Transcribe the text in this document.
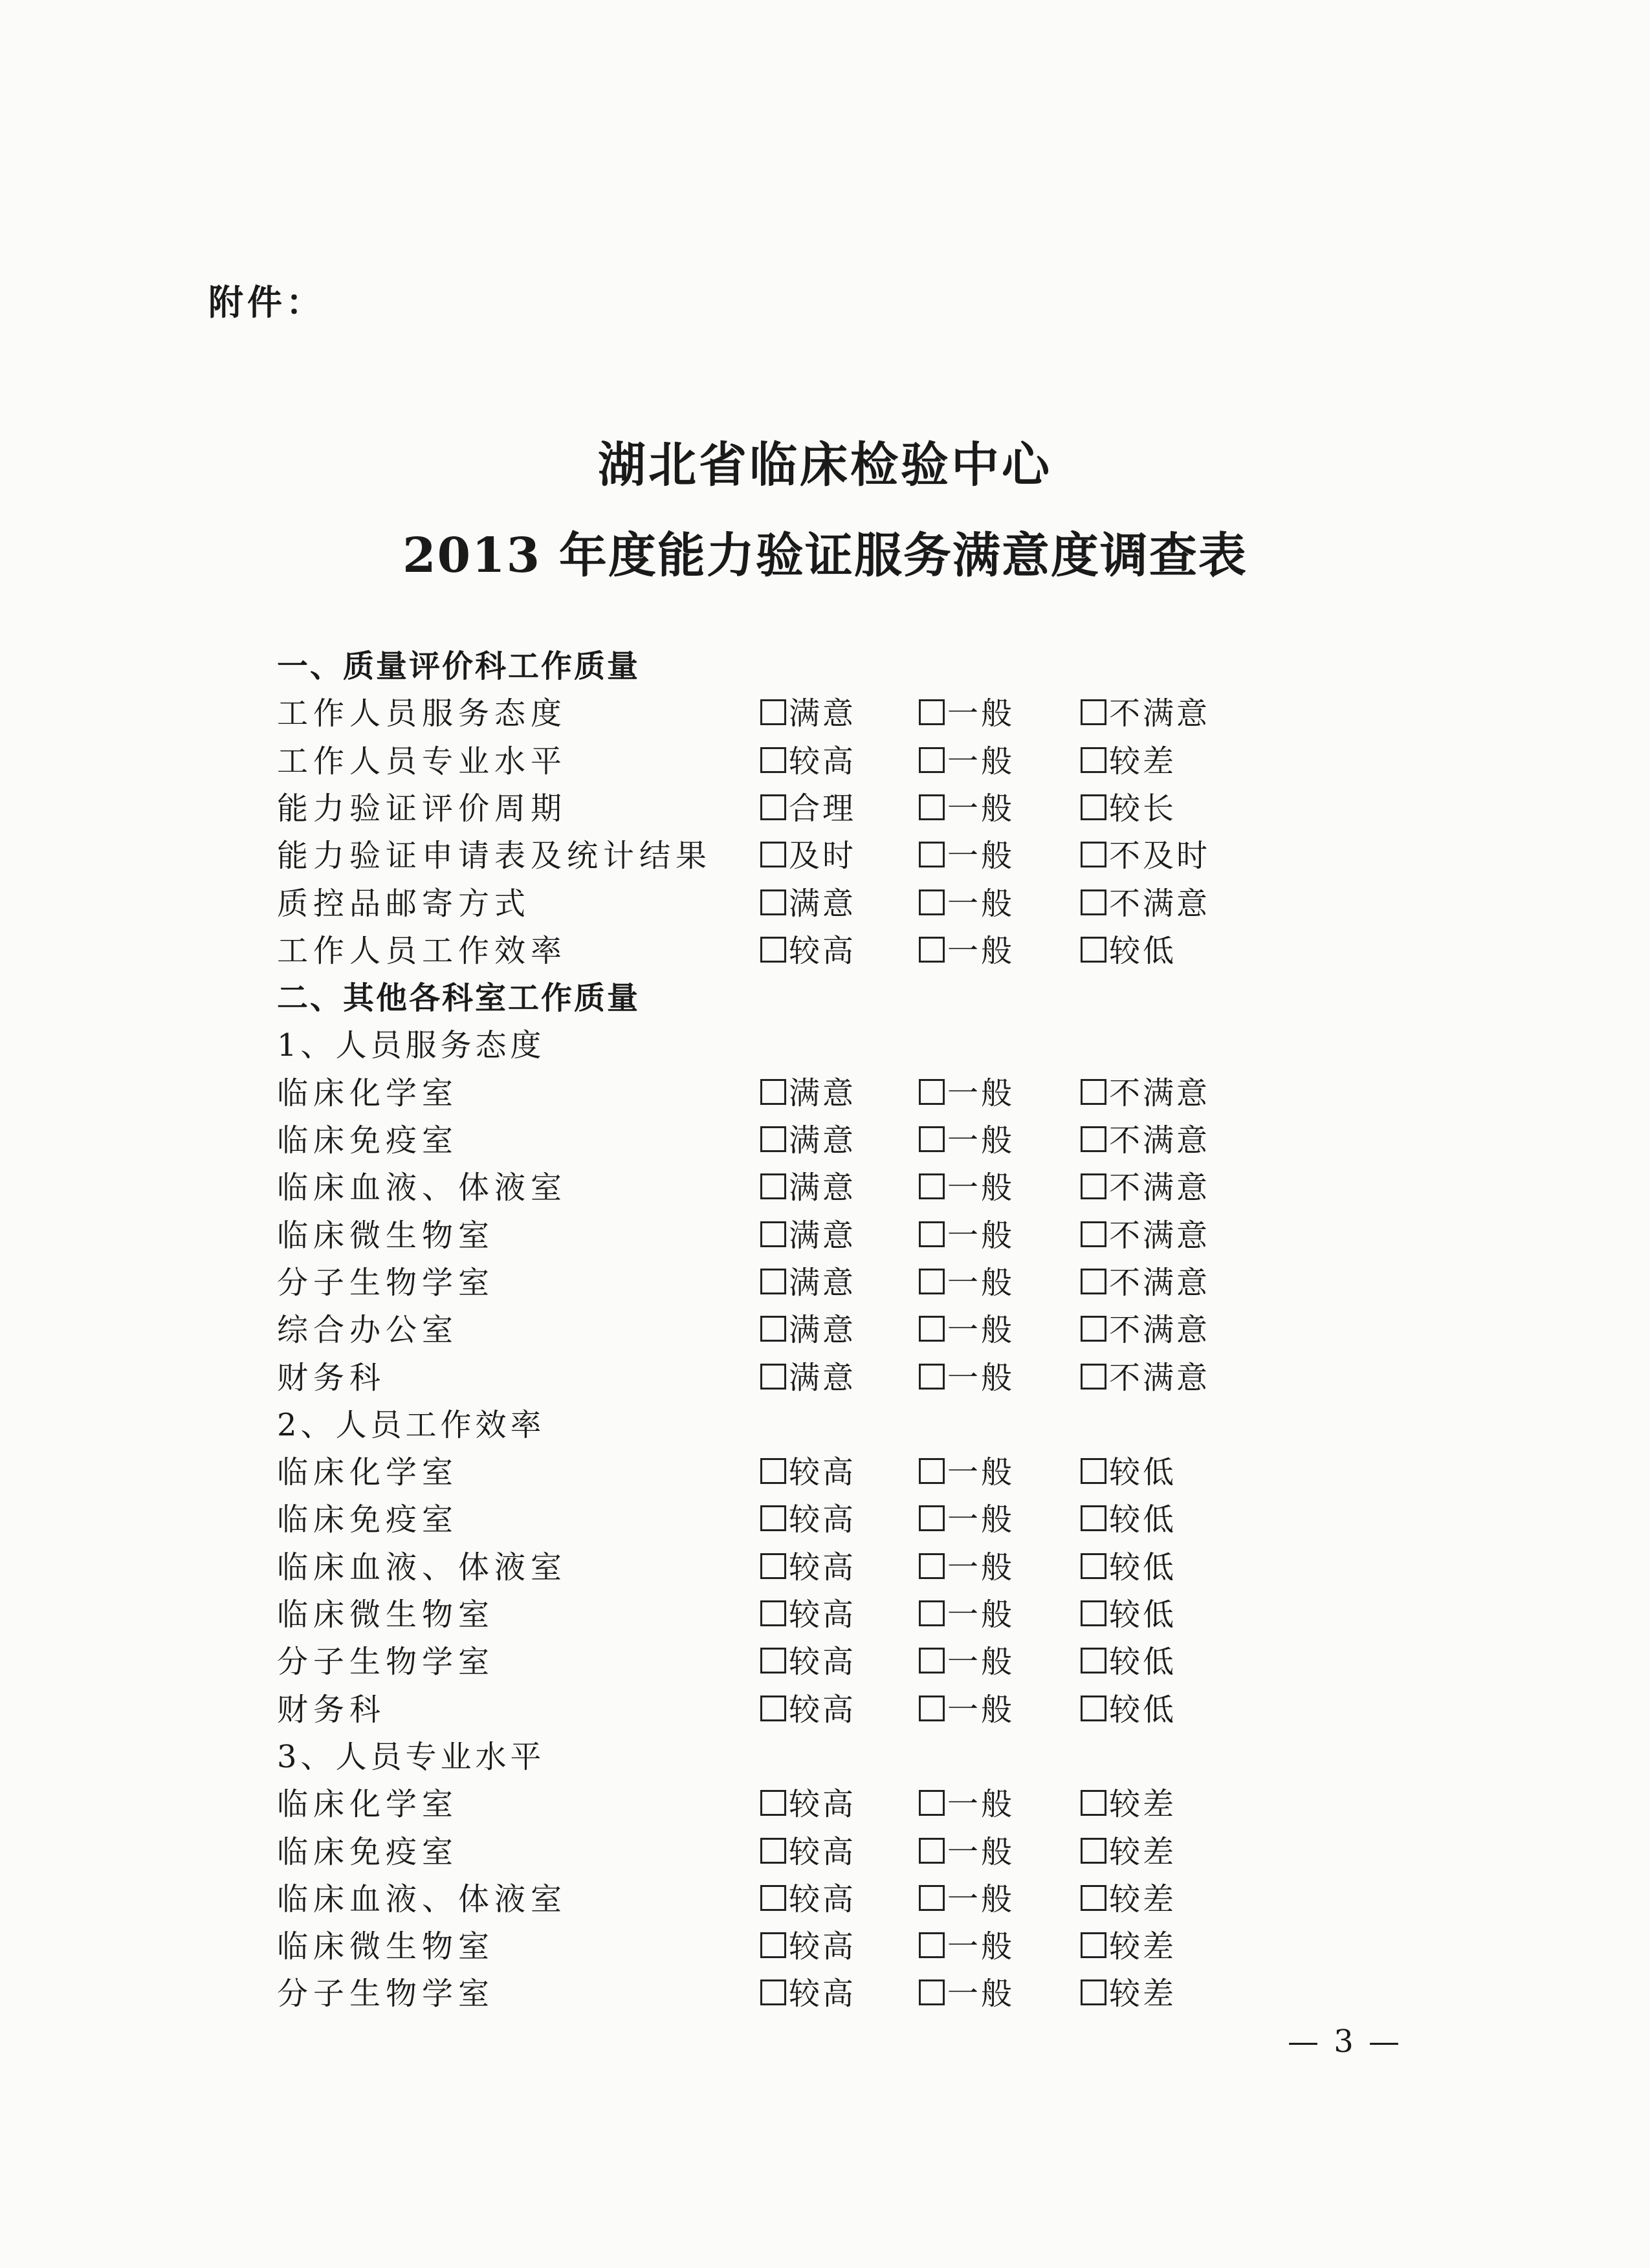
附件：
湖北省临床检验中心
2013 年度能力验证服务满意度调查表
一、质量评价科工作质量
工作人员服务态度	满意	一般	不满意
工作人员专业水平	较高	一般	较差
能力验证评价周期	合理	一般	较长
能力验证申请表及统计结果	及时	一般	不及时
质控品邮寄方式	满意	一般	不满意
工作人员工作效率	较高	一般	较低
二、其他各科室工作质量
1、人员服务态度
临床化学室	满意	一般	不满意
临床免疫室	满意	一般	不满意
临床血液、体液室	满意	一般	不满意
临床微生物室	满意	一般	不满意
分子生物学室	满意	一般	不满意
综合办公室	满意	一般	不满意
财务科	满意	一般	不满意
2、人员工作效率
临床化学室	较高	一般	较低
临床免疫室	较高	一般	较低
临床血液、体液室	较高	一般	较低
临床微生物室	较高	一般	较低
分子生物学室	较高	一般	较低
财务科	较高	一般	较低
3、人员专业水平
临床化学室	较高	一般	较差
临床免疫室	较高	一般	较差
临床血液、体液室	较高	一般	较差
临床微生物室	较高	一般	较差
分子生物学室	较高	一般	较差
— 3 —
